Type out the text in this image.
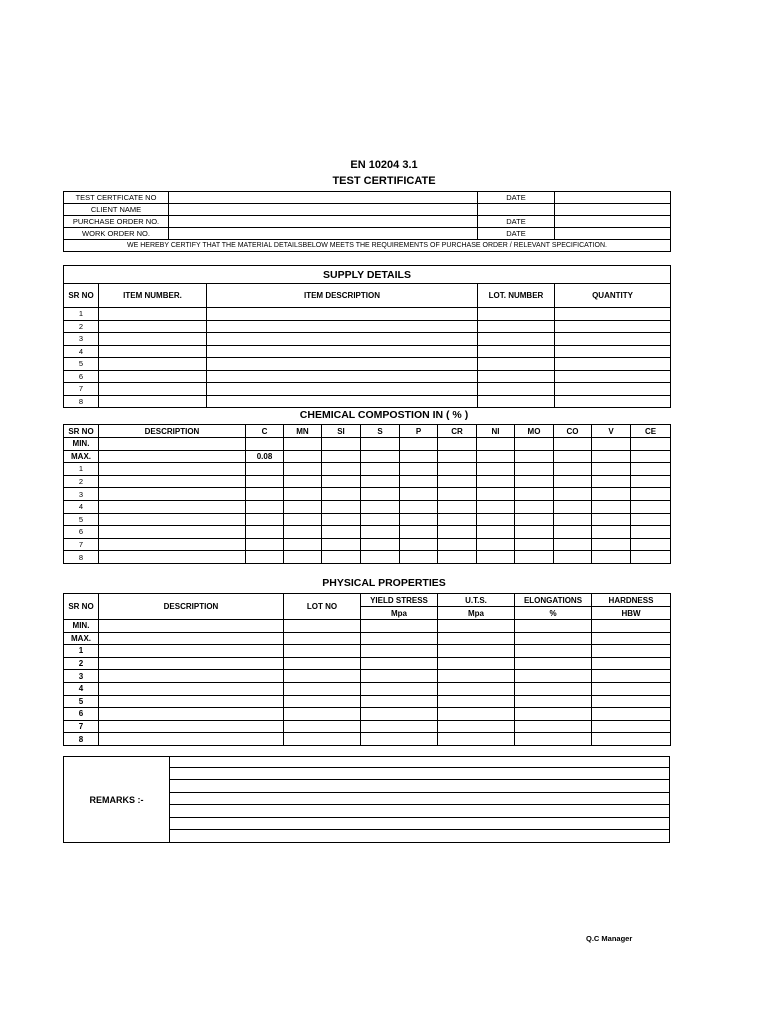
EN 10204 3.1
TEST CERTIFICATE
TEST CERTFICATE NO		DATE	
CLIENT NAME			
PURCHASE ORDER NO.		DATE	
WORK ORDER NO.		DATE	
WE HEREBY CERTIFY THAT THE MATERIAL DETAILSBELOW MEETS THE REQUIREMENTS OF PURCHASE ORDER / RELEVANT SPECIFICATION.			
SUPPLY DETAILS				
SR NO	ITEM NUMBER.	ITEM DESCRIPTION	LOT. NUMBER	QUANTITY
1				
2				
3				
4				
5				
6				
7				
8				
CHEMICAL COMPOSTION IN ( % )
SR NO	DESCRIPTION	C	MN	SI	S	P	CR	NI	MO	CO	V	CE
MIN.												
MAX.		0.08										
1												
2												
3												
4												
5												
6												
7												
8												
PHYSICAL PROPERTIES
SR NO	DESCRIPTION	LOT NO	YIELD STRESS	U.T.S.	ELONGATIONS	HARDNESS
			Mpa	Mpa	%	HBW
MIN.						
MAX.						
1						
2						
3						
4						
5						
6						
7						
8						
REMARKS :-
Q.C Manager
